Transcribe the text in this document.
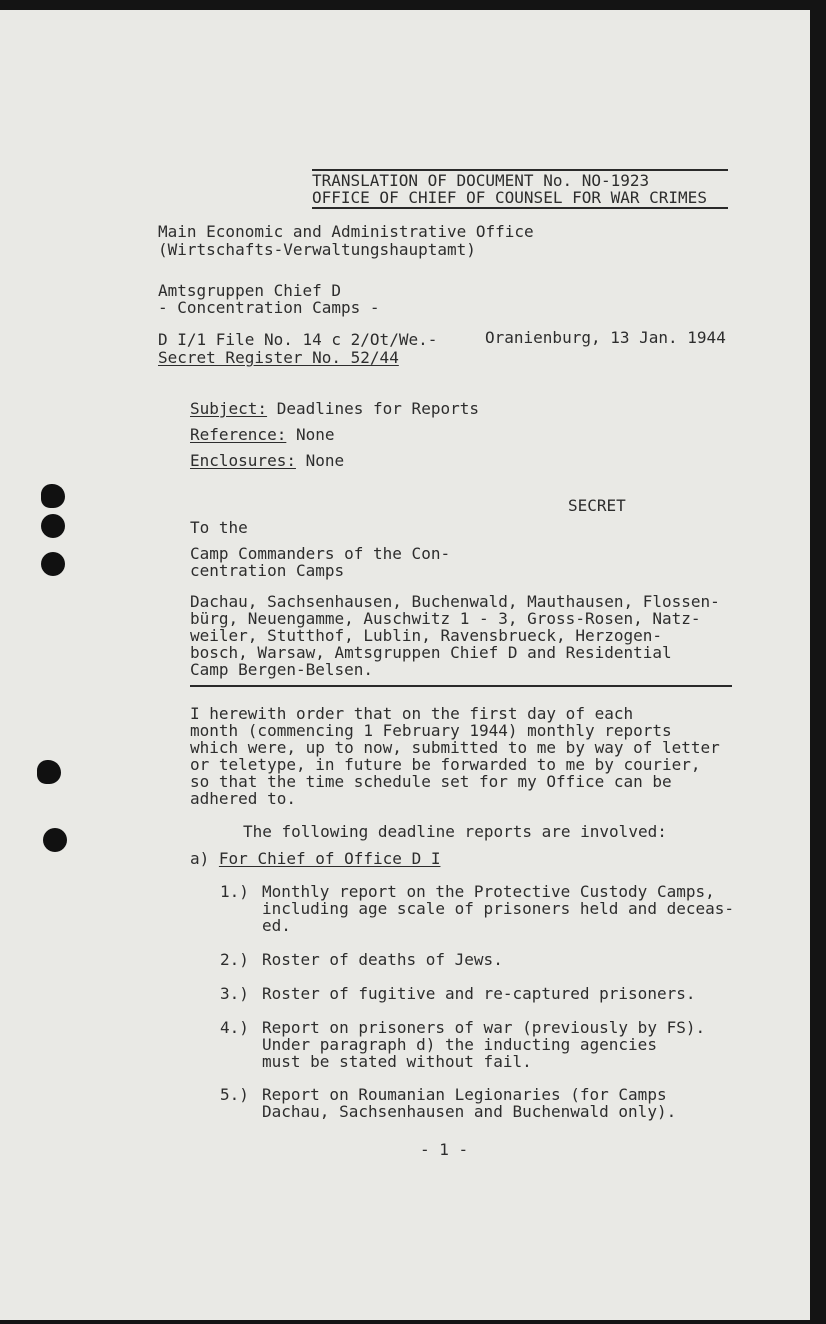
TRANSLATION OF DOCUMENT No. NO-1923
OFFICE OF CHIEF OF COUNSEL FOR WAR CRIMES
Main Economic and Administrative Office
(Wirtschafts-Verwaltungshauptamt)
Amtsgruppen Chief D
- Concentration Camps -
D I/1 File No. 14 c 2/Ot/We.-	Oranienburg, 13 Jan. 1944
Secret Register No. 52/44
Subject: Deadlines for Reports
Reference: None
Enclosures: None
SECRET
To the
Camp Commanders of the Con-
centration Camps
Dachau, Sachsenhausen, Buchenwald, Mauthausen, Flossen-
bürg, Neuengamme, Auschwitz 1 - 3, Gross-Rosen, Natz-
weiler, Stutthof, Lublin, Ravensbrueck, Herzogen-
bosch, Warsaw, Amtsgruppen Chief D and Residential
Camp Bergen-Belsen.
I herewith order that on the first day of each
month (commencing 1 February 1944) monthly reports
which were, up to now, submitted to me by way of letter
or teletype, in future be forwarded to me by courier,
so that the time schedule set for my Office can be
adhered to.
The following deadline reports are involved:
a) For Chief of Office D I
1.) Monthly report on the Protective Custody Camps,
including age scale of prisoners held and deceas-
ed.
2.) Roster of deaths of Jews.
3.) Roster of fugitive and re-captured prisoners.
4.) Report on prisoners of war (previously by FS).
Under paragraph d) the inducting agencies
must be stated without fail.
5.) Report on Roumanian Legionaries (for Camps
Dachau, Sachsenhausen and Buchenwald only).
- 1 -
